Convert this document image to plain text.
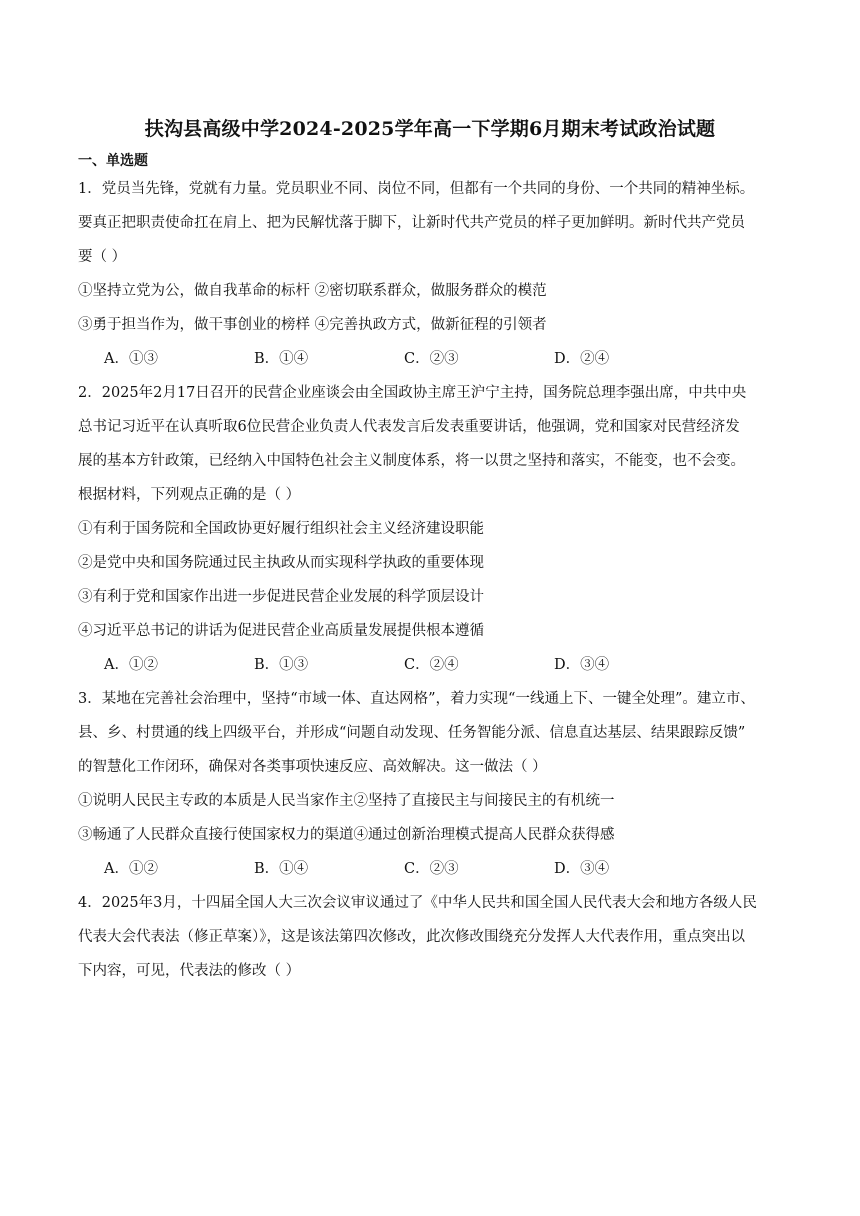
扶沟县高级中学2024-2025学年高一下学期6月期末考试政治试题
一、单选题
1．党员当先锋，党就有力量。党员职业不同、岗位不同，但都有一个共同的身份、一个共同的精神坐标。
要真正把职责使命扛在肩上、把为民解忧落于脚下，让新时代共产党员的样子更加鲜明。新时代共产党员
要（ ）
①坚持立党为公，做自我革命的标杆 ②密切联系群众，做服务群众的模范
③勇于担当作为，做干事创业的榜样 ④完善执政方式，做新征程的引领者
A．①③	B．①④	C．②③	D．②④
2．2025年2月17日召开的民营企业座谈会由全国政协主席王沪宁主持，国务院总理李强出席，中共中央
总书记习近平在认真听取6位民营企业负责人代表发言后发表重要讲话，他强调，党和国家对民营经济发
展的基本方针政策，已经纳入中国特色社会主义制度体系，将一以贯之坚持和落实，不能变，也不会变。
根据材料，下列观点正确的是（ ）
①有利于国务院和全国政协更好履行组织社会主义经济建设职能
②是党中央和国务院通过民主执政从而实现科学执政的重要体现
③有利于党和国家作出进一步促进民营企业发展的科学顶层设计
④习近平总书记的讲话为促进民营企业高质量发展提供根本遵循
A．①②	B．①③	C．②④	D．③④
3．某地在完善社会治理中，坚持“市域一体、直达网格”，着力实现“一线通上下、一键全处理”。建立市、
县、乡、村贯通的线上四级平台，并形成“问题自动发现、任务智能分派、信息直达基层、结果跟踪反馈”
的智慧化工作闭环，确保对各类事项快速反应、高效解决。这一做法（ ）
①说明人民民主专政的本质是人民当家作主②坚持了直接民主与间接民主的有机统一
③畅通了人民群众直接行使国家权力的渠道④通过创新治理模式提高人民群众获得感
A．①②	B．①④	C．②③	D．③④
4．2025年3月，十四届全国人大三次会议审议通过了《中华人民共和国全国人民代表大会和地方各级人民
代表大会代表法（修正草案）》，这是该法第四次修改，此次修改围绕充分发挥人大代表作用，重点突出以
下内容，可见，代表法的修改（ ）
